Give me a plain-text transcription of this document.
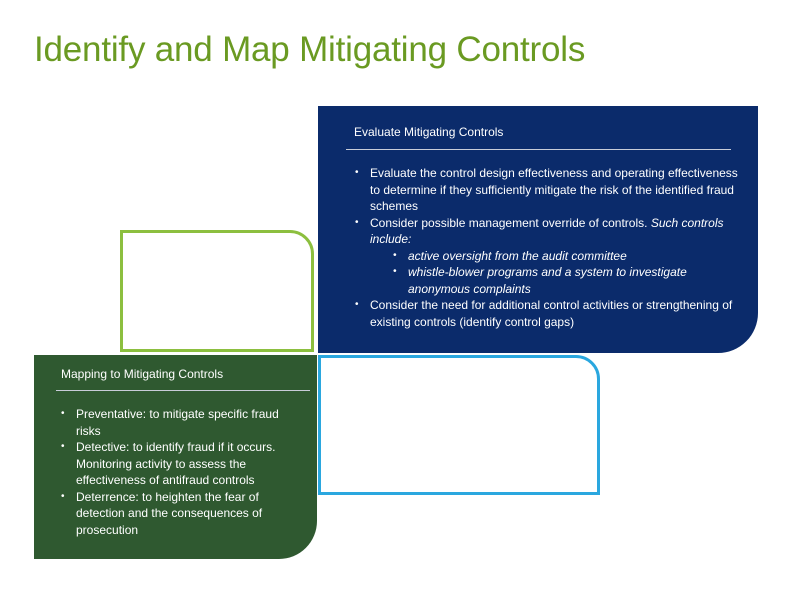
Identify and Map Mitigating Controls
Evaluate Mitigating Controls
• Evaluate the control design effectiveness and operating effectiveness to determine if they sufficiently mitigate the risk of the identified fraud schemes
• Consider possible management override of controls. Such controls include:
• active oversight from the audit committee
• whistle-blower programs and a system to investigate anonymous complaints
• Consider the need for additional control activities or strengthening of existing controls (identify control gaps)
Mapping to Mitigating Controls
• Preventative: to mitigate specific fraud risks
• Detective: to identify fraud if it occurs. Monitoring activity to assess the effectiveness of antifraud controls
• Deterrence: to heighten the fear of detection and the consequences of prosecution
